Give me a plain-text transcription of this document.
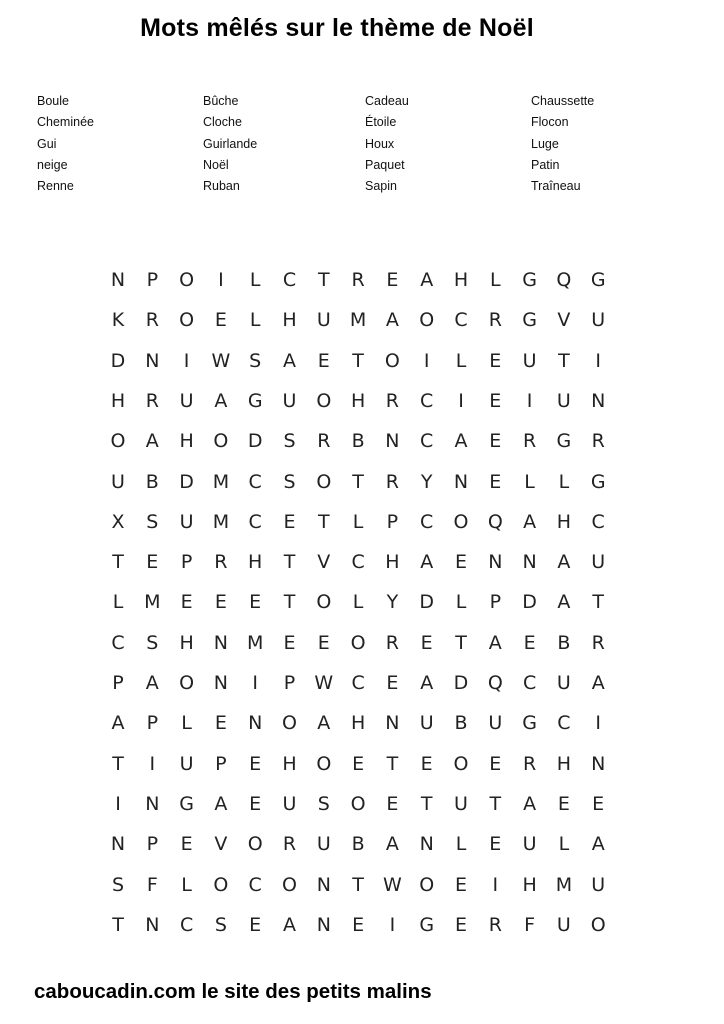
Mots mêlés sur le thème de Noël
Boule
Cheminée
Gui
neige
Renne
Bûche
Cloche
Guirlande
Noël
Ruban
Cadeau
Étoile
Houx
Paquet
Sapin
Chaussette
Flocon
Luge
Patin
Traîneau
N	P	O	I	L	C	T	R	E	A	H	L	G	Q	G
K	R	O	E	L	H	U	M	A	O	C	R	G	V	U
D	N	I	W S	A	E	T	O	I	L	E	U	T	I
H	R	U	A	G	U	O	H	R	C	I	E	I	U	N
O	A	H	O	D	S	R	B	N	C	A	E	R	G	R
U	B	D M	C	S	O	T	R	Y	N	E	L	L	G
X	S	U	M	C	E	T	L	P	C	O	Q	A	H	C
T	E	P	R	H	T	V	C	H	A	E	N	N	A	U
L	M	E	E	E	T	O	L	Y	D	L	P	D	A	T
C	S	H	N M	E	E	O	R	E	T	A	E	B	R
P	A	O	N	I	P	W C	E	A	D	Q	C	U	A
A	P	L	E	N	O	A	H	N	U	B	U	G	C	I
T	I	U	P	E	H	O	E	T	E	O	E	R	H	N
I	N	G	A	E	U	S	O	E	T	U	T	A	E	E
N	P	E	V	O	R	U	B	A	N	L	E	U	L	A
S	F	L	O	C	O	N	T	W O	E	I	H M	U
T	N	C	S	E	A	N	E	I	G	E	R	F	U	O
caboucadin.com le site des petits malins
